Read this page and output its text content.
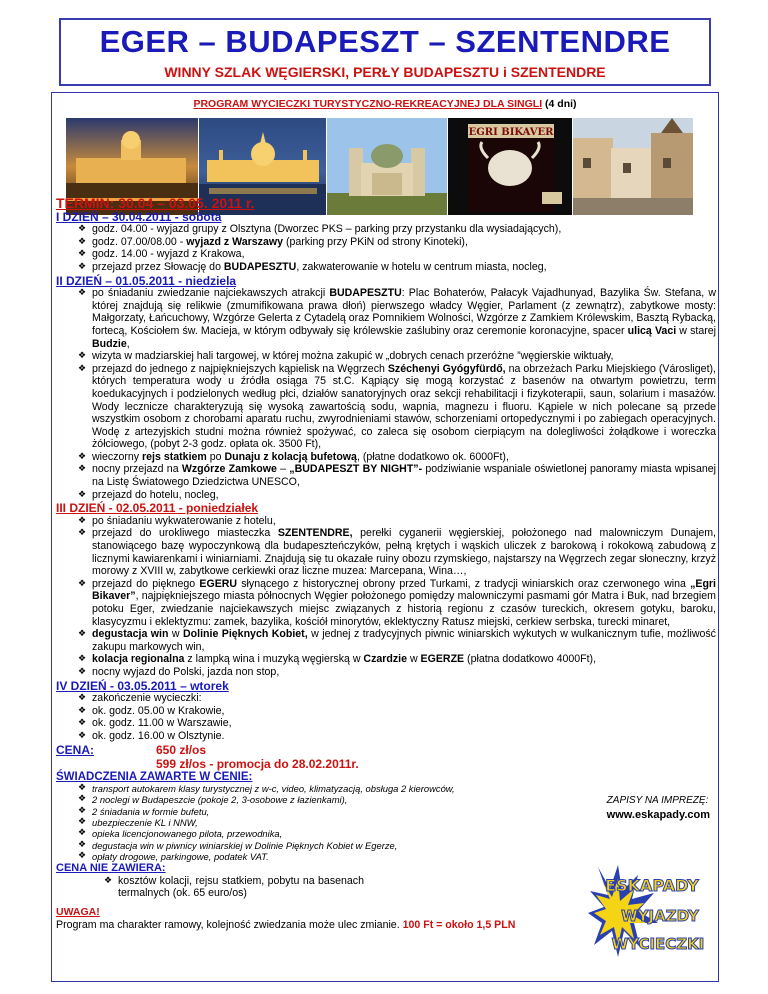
EGER – BUDAPESZT – SZENTENDRE
WINNY SZLAK WĘGIERSKI, PERŁY BUDAPESZTU i SZENTENDRE
PROGRAM WYCIECZKI TURYSTYCZNO-REKREACYJNEJ DLA SINGLI (4 dni)
EGRI BIKAVER
TERMIN: 30.04 – 03.05. 2011 r.
I DZIEŃ – 30.04.2011 - sobota
❖ godz. 04.00 - wyjazd grupy z Olsztyna (Dworzec PKS – parking przy przystanku dla wysiadających),
❖ godz. 07.00/08.00 - wyjazd z Warszawy (parking przy PKiN od strony Kinoteki),
❖ godz. 14.00 - wyjazd z Krakowa,
❖ przejazd przez Słowację do BUDAPESZTU, zakwaterowanie w hotelu w centrum miasta, nocleg,
II DZIEŃ – 01.05.2011 - niedziela
❖ po śniadaniu zwiedzanie najciekawszych atrakcji BUDAPESZTU: Plac Bohaterów, Pałacyk Vajadhunyad, Bazylika Św. Stefana, w której znajdują się relikwie (zmumifikowana prawa dłoń) pierwszego władcy Węgier, Parlament (z zewnątrz), zabytkowe mosty: Małgorzaty, Łańcuchowy, Wzgórze Gelerta z Cytadelą oraz Pomnikiem Wolności, Wzgórze z Zamkiem Królewskim, Basztą Rybacką, fortecą, Kościołem św. Macieja, w którym odbywały się królewskie zaślubiny oraz ceremonie koronacyjne, spacer ulicą Vaci w starej Budzie,
❖ wizyta w madziarskiej hali targowej, w której można zakupić w „dobrych cenach przeróżne ”węgierskie wiktuały,
❖ przejazd do jednego z najpiękniejszych kąpielisk na Węgrzech Széchenyi Gyógyfürdő, na obrzeżach Parku Miejskiego (Városliget), których temperatura wody u źródła osiąga 75 st.C. Kąpiący się mogą korzystać z basenów na otwartym powietrzu, term koedukacyjnych i podzielonych według płci, działów sanatoryjnych oraz sekcji rehabilitacji i fizykoterapii, saun, solarium i masażów. Wody lecznicze charakteryzują się wysoką zawartością sodu, wapnia, magnezu i fluoru. Kąpiele w nich polecane są przede wszystkim osobom z chorobami aparatu ruchu, zwyrodnieniami stawów, schorzeniami ortopedycznymi i po zabiegach operacyjnych. Wodę z artezyjskich studni można również spożywać, co zaleca się osobom cierpiącym na dolegliwości żołądkowe i woreczka żółciowego, (pobyt 2-3 godz. opłata ok. 3500 Ft),
❖ wieczorny rejs statkiem po Dunaju z kolacją bufetową, (płatne dodatkowo ok. 6000Ft),
❖ nocny przejazd na Wzgórze Zamkowe – „BUDAPESZT BY NIGHT”- podziwianie wspaniale oświetlonej panoramy miasta wpisanej na Listę Światowego Dziedzictwa UNESCO,
❖ przejazd do hotelu, nocleg,
III DZIEŃ - 02.05.2011 - poniedziałek
❖ po śniadaniu wykwaterowanie z hotelu,
❖ przejazd do urokliwego miasteczka SZENTENDRE, perełki cyganerii węgierskiej, położonego nad malowniczym Dunajem, stanowiącego bazę wypoczynkową dla budapeszteńczyków, pełną krętych i wąskich uliczek z barokową i rokokową zabudową z licznymi kawiarenkami i winiarniami. Znajdują się tu okazałe ruiny obozu rzymskiego, najstarszy na Węgrzech zegar słoneczny, krzyż morowy z XVIII w, zabytkowe cerkiewki oraz liczne muzea: Marcepana, Wina…,
❖ przejazd do pięknego EGERU słynącego z historycznej obrony przed Turkami, z tradycji winiarskich oraz czerwonego wina „Egri Bikaver”, najpiękniejszego miasta północnych Węgier położonego pomiędzy malowniczymi pasmami gór Matra i Buk, nad brzegiem potoku Eger, zwiedzanie najciekawszych miejsc związanych z historią regionu z czasów tureckich, okresem gotyku, baroku, klasycyzmu i eklektyzmu: zamek, bazylika, kościół minorytów, eklektyczny Ratusz miejski, cerkiew serbska, turecki minaret,
❖ degustacja win w Dolinie Pięknych Kobiet, w jednej z tradycyjnych piwnic winiarskich wykutych w wulkanicznym tufie, możliwość zakupu markowych win,
❖ kolacja regionalna z lampką wina i muzyką węgierską w Czardzie w EGERZE (płatna dodatkowo 4000Ft),
❖ nocny wyjazd do Polski, jazda non stop,
IV DZIEŃ - 03.05.2011 – wtorek
❖ zakończenie wycieczki:
❖ ok. godz. 05.00 w Krakowie,
❖ ok. godz. 11.00 w Warszawie,
❖ ok. godz. 16.00 w Olsztynie.
CENA:	650 zł/os
599 zł/os - promocja do 28.02.2011r.
ŚWIADCZENIA ZAWARTE W CENIE:
❖ transport autokarem klasy turystycznej z w-c, video, klimatyzacją, obsługa 2 kierowców,
❖ 2 noclegi w Budapeszcie (pokoje 2, 3-osobowe z łazienkami),
❖ 2 śniadania w formie bufetu,
❖ ubezpieczenie KL i NNW,
❖ opieka licencjonowanego pilota, przewodnika,
❖ degustacja win w piwnicy winiarskiej w Dolinie Pięknych Kobiet w Egerze,
❖ opłaty drogowe, parkingowe, podatek VAT.
ZAPISY NA IMPREZĘ:
www.eskapady.com
CENA NIE ZAWIERA:
❖ kosztów kolacji, rejsu statkiem, pobytu na basenach termalnych (ok. 65 euro/os)
UWAGA!
Program ma charakter ramowy, kolejność zwiedzania może ulec zmianie. 100 Ft = około 1,5 PLN
ESKAPADY
WYJAZDY
WYCIECZKI
